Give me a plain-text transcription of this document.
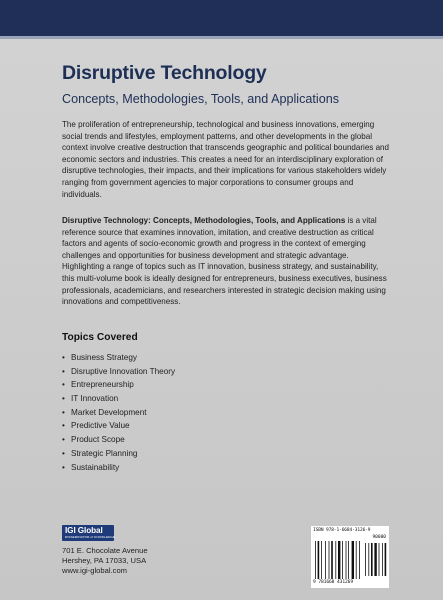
Disruptive Technology
Concepts, Methodologies, Tools, and Applications

The proliferation of entrepreneurship, technological and business innovations, emerging social trends and lifestyles, employment patterns, and other developments in the global context involve creative destruction that transcends geographic and political boundaries and economic sectors and industries. This creates a need for an interdisciplinary exploration of disruptive technologies, their impacts, and their implications for various stakeholders widely ranging from government agencies to major corporations to consumer groups and individuals.

Disruptive Technology: Concepts, Methodologies, Tools, and Applications is a vital reference source that examines innovation, imitation, and creative destruction as critical factors and agents of socio-economic growth and progress in the context of emerging challenges and opportunities for business development and strategic advantage. Highlighting a range of topics such as IT innovation, business strategy, and sustainability, this multi-volume book is ideally designed for entrepreneurs, business executives, business professionals, academicians, and researchers interested in strategic decision making using innovations and competitiveness.

Topics Covered
• Business Strategy
• Disruptive Innovation Theory
• Entrepreneurship
• IT Innovation
• Market Development
• Predictive Value
• Product Scope
• Strategic Planning
• Sustainability
IGI Global
DISSEMINATOR of KNOWLEDGE
701 E. Chocolate Avenue
Hershey, PA 17033, USA
www.igi-global.com
ISBN 978-1-6684-3126-9
90000
9 781668 431269
